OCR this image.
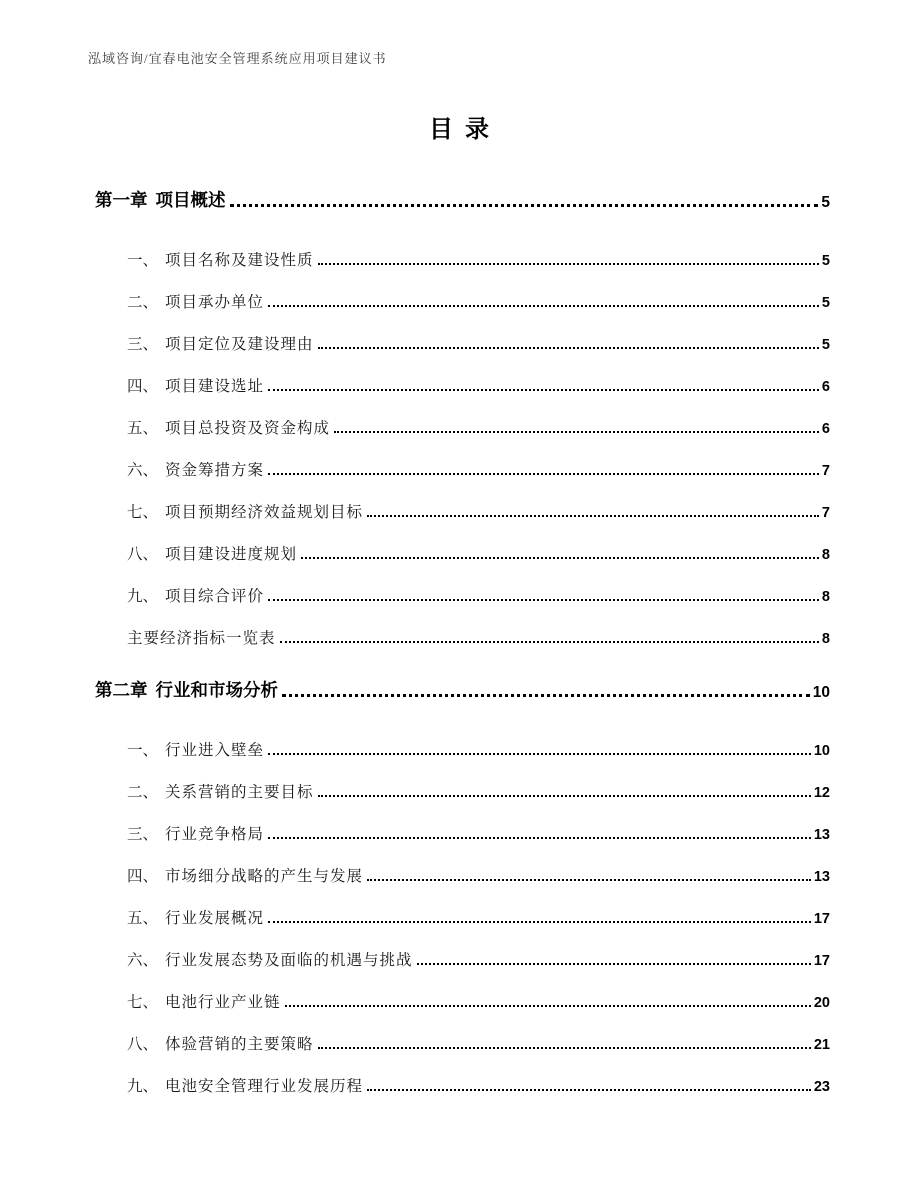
泓域咨询/宜春电池安全管理系统应用项目建议书
目录
第一章 项目概述	5
一、 项目名称及建设性质	5
二、 项目承办单位	5
三、 项目定位及建设理由	5
四、 项目建设选址	6
五、 项目总投资及资金构成	6
六、 资金筹措方案	7
七、 项目预期经济效益规划目标	7
八、 项目建设进度规划	8
九、 项目综合评价	8
主要经济指标一览表	8
第二章 行业和市场分析	10
一、 行业进入壁垒	10
二、 关系营销的主要目标	12
三、 行业竞争格局	13
四、 市场细分战略的产生与发展	13
五、 行业发展概况	17
六、 行业发展态势及面临的机遇与挑战	17
七、 电池行业产业链	20
八、 体验营销的主要策略	21
九、 电池安全管理行业发展历程	23
